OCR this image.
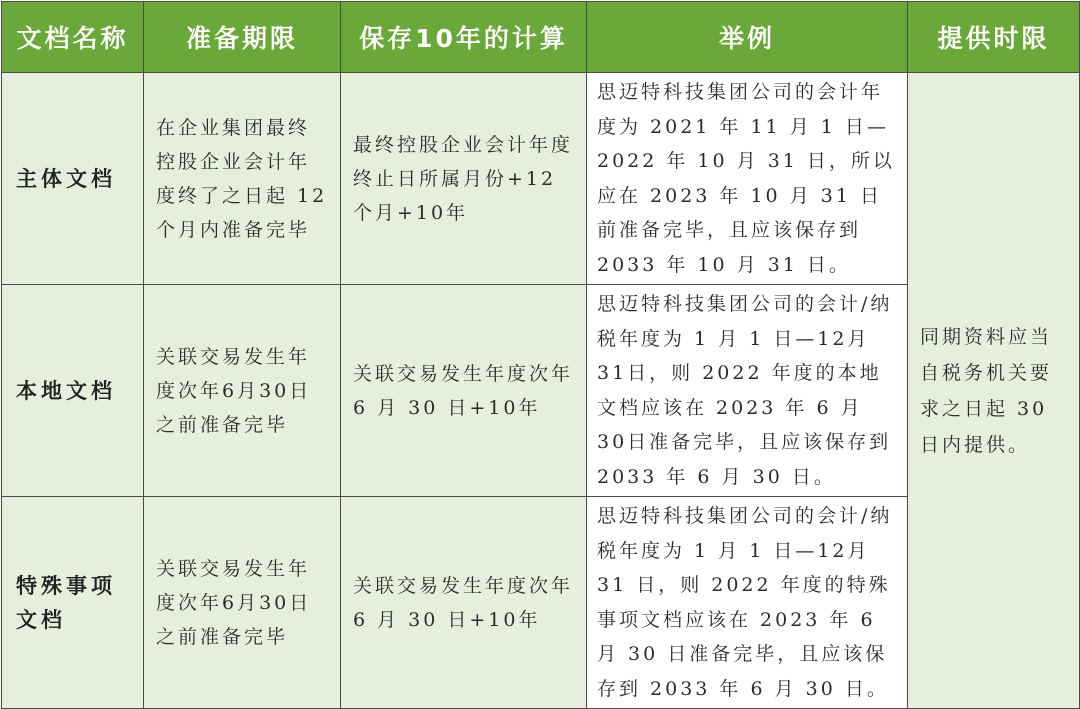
文档名称	准备期限	保存10年的计算	举例	提供时限
主体文档	在企业集团最终控股企业会计年度终了之日起 12 个月内准备完毕	最终控股企业会计年度终止日所属月份+12个月+10年	思迈特科技集团公司的会计年度为 2021 年 11 月 1 日—2022 年 10 月 31 日，所以应在 2023 年 10 月 31 日前准备完毕，且应该保存到 2033 年 10 月 31 日。	同期资料应当自税务机关要求之日起 30 日内提供。
本地文档	关联交易发生年度次年6月30日之前准备完毕	关联交易发生年度次年 6 月 30 日+10年	思迈特科技集团公司的会计/纳税年度为 1 月 1 日—12月31日，则 2022 年度的本地文档应该在 2023 年 6 月 30日准备完毕，且应该保存到 2033 年 6 月 30 日。	
特殊事项文档	关联交易发生年度次年6月30日之前准备完毕	关联交易发生年度次年 6 月 30 日+10年	思迈特科技集团公司的会计/纳税年度为 1 月 1 日—12月 31 日，则 2022 年度的特殊事项文档应该在 2023 年 6 月 30 日准备完毕，且应该保存到 2033 年 6 月 30 日。	
